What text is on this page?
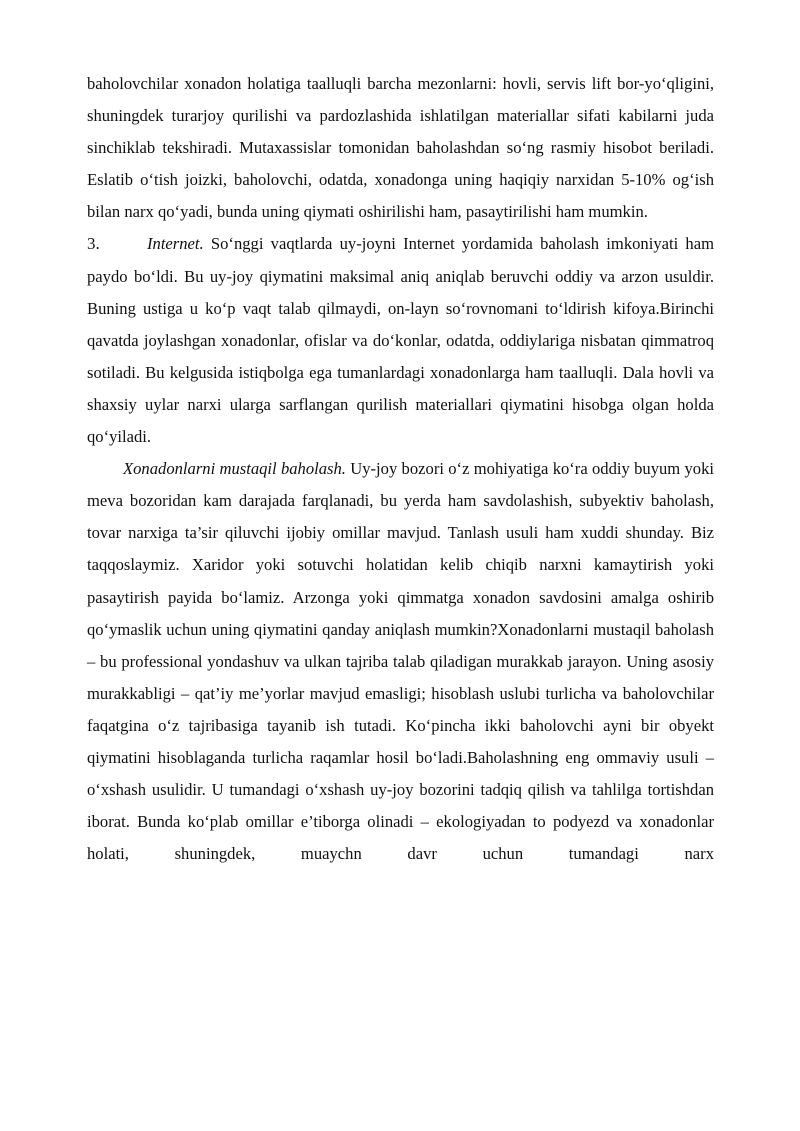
baholovchilar xonadon holatiga taalluqli barcha mezonlarni: hovli, servis lift bor-yo‘qligini, shuningdek turarjoy qurilishi va pardozlashida ishlatilgan materiallar sifati kabilarni juda sinchiklab tekshiradi. Mutaxassislar tomonidan baholashdan so‘ng rasmiy hisobot beriladi. Eslatib o‘tish joizki, baholovchi, odatda, xonadonga uning haqiqiy narxidan 5-10% og‘ish bilan narx qo‘yadi, bunda uning qiymati oshirilishi ham, pasaytirilishi ham mumkin.

3.	Internet. So‘nggi vaqtlarda uy-joyni Internet yordamida baholash imkoniyati ham paydo bo‘ldi. Bu uy-joy qiymatini maksimal aniq aniqlab beruvchi oddiy va arzon usuldir. Buning ustiga u ko‘p vaqt talab qilmaydi, on-layn so‘rovnomani to‘ldirish kifoya.Birinchi qavatda joylashgan xonadonlar, ofislar va do‘konlar, odatda, oddiylariga nisbatan qimmatroq sotiladi. Bu kelgusida istiqbolga ega tumanlardagi xonadonlarga ham taalluqli. Dala hovli va shaxsiy uylar narxi ularga sarflangan qurilish materiallari qiymatini hisobga olgan holda qo‘yiladi.

Xonadonlarni mustaqil baholash. Uy-joy bozori o‘z mohiyatiga ko‘ra oddiy buyum yoki meva bozoridan kam darajada farqlanadi, bu yerda ham savdolashish, subyektiv baholash, tovar narxiga ta’sir qiluvchi ijobiy omillar mavjud. Tanlash usuli ham xuddi shunday. Biz taqqoslaymiz. Xaridor yoki sotuvchi holatidan kelib chiqib narxni kamaytirish yoki pasaytirish payida bo‘lamiz. Arzonga yoki qimmatga xonadon savdosini amalga oshirib qo‘ymaslik uchun uning qiymatini qanday aniqlash mumkin?Xonadonlarni mustaqil baholash – bu professional yondashuv va ulkan tajriba talab qiladigan murakkab jarayon. Uning asosiy murakkabligi – qat’iy me’yorlar mavjud emasligi; hisoblash uslubi turlicha va baholovchilar faqatgina o‘z tajribasiga tayanib ish tutadi. Ko‘pincha ikki baholovchi ayni bir obyekt qiymatini hisoblaganda turlicha raqamlar hosil bo‘ladi.Baholashning eng ommaviy usuli – o‘xshash usulidir. U tumandagi o‘xshash uy-joy bozorini tadqiq qilish va tahlilga tortishdan iborat. Bunda ko‘plab omillar e’tiborga olinadi – ekologiyadan to podyezd va xonadonlar holati, shuningdek, muaychn davr uchun tumandagi narx
